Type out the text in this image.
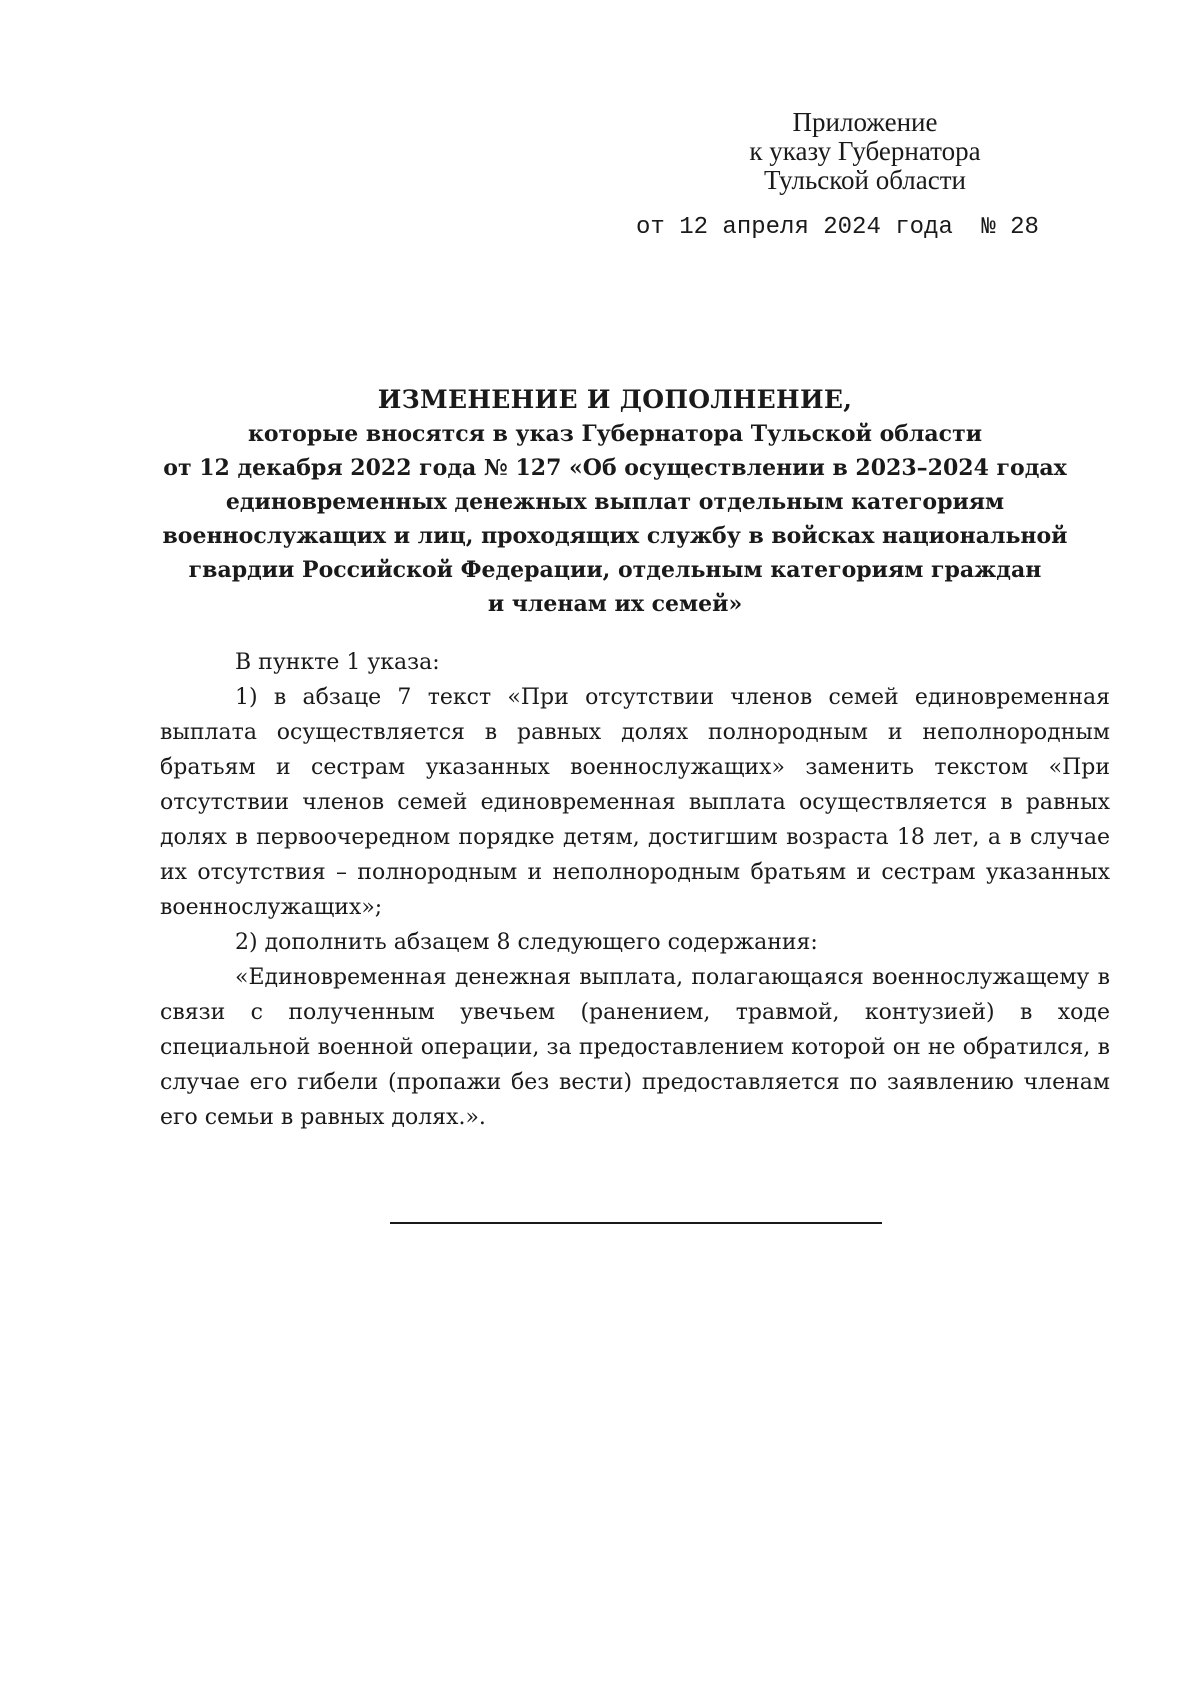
Приложение
к указу Губернатора
Тульской области
от 12 апреля 2024 года № 28
ИЗМЕНЕНИЕ И ДОПОЛНЕНИЕ,
которые вносятся в указ Губернатора Тульской области
от 12 декабря 2022 года № 127 «Об осуществлении в 2023–2024 годах
единовременных денежных выплат отдельным категориям
военнослужащих и лиц, проходящих службу в войсках национальной
гвардии Российской Федерации, отдельным категориям граждан
и членам их семей»

В пункте 1 указа:

1) в абзаце 7 текст «При отсутствии членов семей единовременная выплата осуществляется в равных долях полнородным и неполнородным братьям и сестрам указанных военнослужащих» заменить текстом «При отсутствии членов семей единовременная выплата осуществляется в равных долях в первоочередном порядке детям, достигшим возраста 18 лет, а в случае их отсутствия – полнородным и неполнородным братьям и сестрам указанных военнослужащих»;

2) дополнить абзацем 8 следующего содержания:

«Единовременная денежная выплата, полагающаяся военнослужащему в связи с полученным увечьем (ранением, травмой, контузией) в ходе специальной военной операции, за предоставлением которой он не обратился, в случае его гибели (пропажи без вести) предоставляется по заявлению членам его семьи в равных долях.».
